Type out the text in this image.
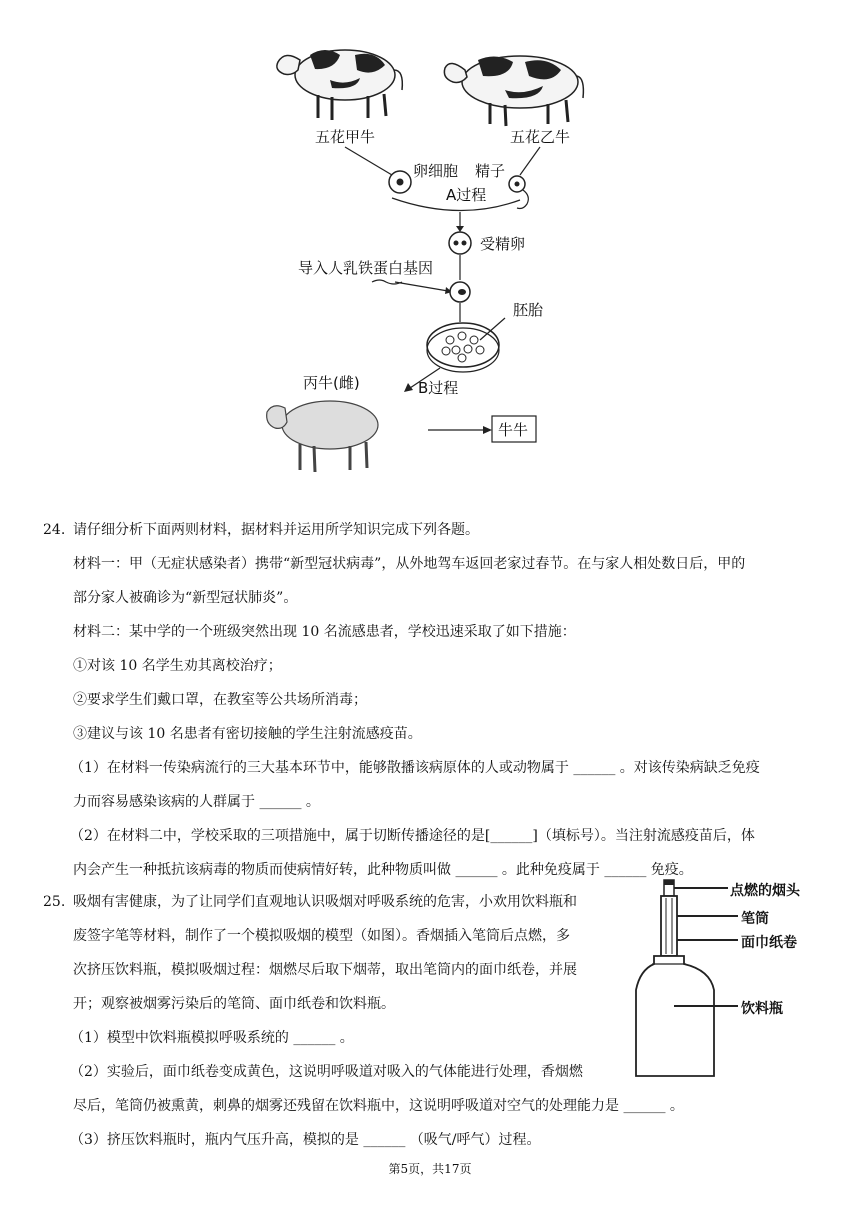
五花甲牛	五花乙牛
卵细胞 精子
A过程
受精卵
导入人乳铁蛋白基因
胚胎
丙牛(雌)	B过程
牛牛
24. 请仔细分析下面两则材料，据材料并运用所学知识完成下列各题。
材料一：甲（无症状感染者）携带“新型冠状病毒”，从外地驾车返回老家过春节。在与家人相处数日后，甲的
部分家人被确诊为“新型冠状肺炎”。
材料二：某中学的一个班级突然出现 10 名流感患者，学校迅速采取了如下措施：
①对该 10 名学生劝其离校治疗；
②要求学生们戴口罩，在教室等公共场所消毒；
③建议与该 10 名患者有密切接触的学生注射流感疫苗。
（1）在材料一传染病流行的三大基本环节中，能够散播该病原体的人或动物属于 ______ 。对该传染病缺乏免疫
力而容易感染该病的人群属于 ______ 。
（2）在材料二中，学校采取的三项措施中，属于切断传播途径的是[______]（填标号）。当注射流感疫苗后，体
内会产生一种抵抗该病毒的物质而使病情好转，此种物质叫做 ______ 。此种免疫属于 ______ 免疫。
25. 吸烟有害健康，为了让同学们直观地认识吸烟对呼吸系统的危害，小欢用饮料瓶和
废签字笔等材料，制作了一个模拟吸烟的模型（如图）。香烟插入笔筒后点燃，多
次挤压饮料瓶，模拟吸烟过程：烟燃尽后取下烟蒂，取出笔筒内的面巾纸卷，并展
开；观察被烟雾污染后的笔筒、面巾纸卷和饮料瓶。
（1）模型中饮料瓶模拟呼吸系统的 ______ 。
（2）实验后，面巾纸卷变成黄色，这说明呼吸道对吸入的气体能进行处理，香烟燃
尽后，笔筒仍被熏黄，刺鼻的烟雾还残留在饮料瓶中，这说明呼吸道对空气的处理能力是 ______ 。
（3）挤压饮料瓶时，瓶内气压升高，模拟的是 ______ （吸气/呼气）过程。
点燃的烟头
笔筒
面巾纸卷
饮料瓶
第5页，共17页
